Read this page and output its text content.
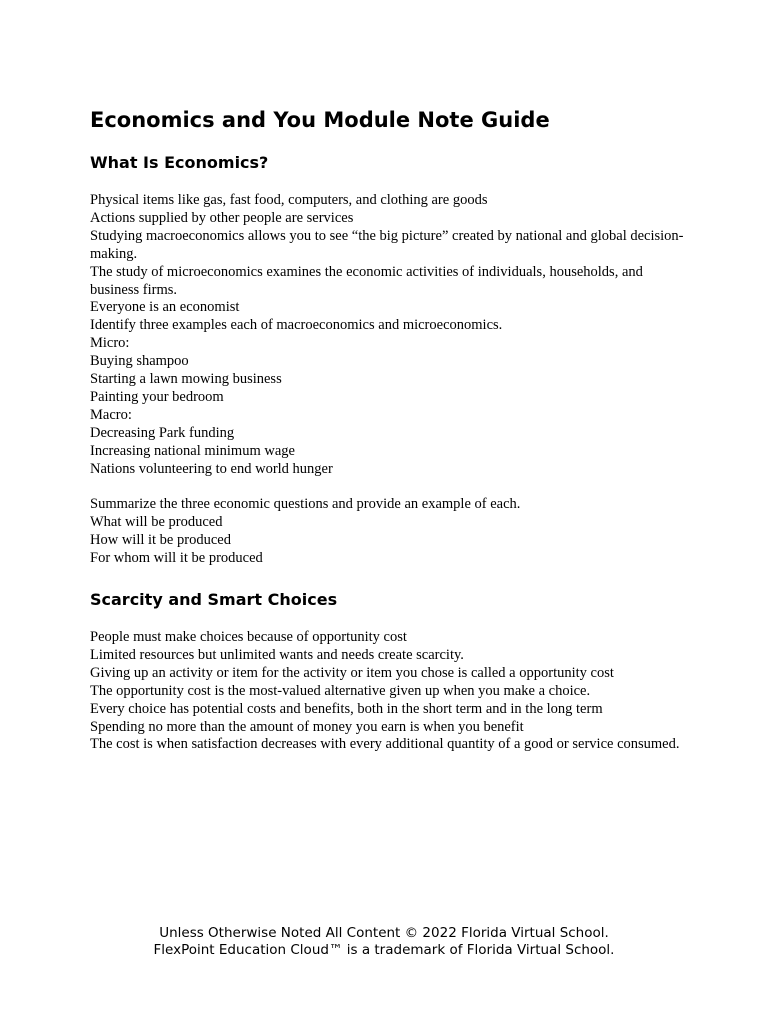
Economics and You Module Note Guide
What Is Economics?
Physical items like gas, fast food, computers, and clothing are goods
Actions supplied by other people are services
Studying macroeconomics allows you to see “the big picture” created by national and global decision-making.
The study of microeconomics examines the economic activities of individuals, households, and business firms.
Everyone is an economist
Identify three examples each of macroeconomics and microeconomics.
Micro:
Buying shampoo
Starting a lawn mowing business
Painting your bedroom
Macro:
Decreasing Park funding
Increasing national minimum wage
Nations volunteering to end world hunger
Summarize the three economic questions and provide an example of each.
What will be produced
How will it be produced
For whom will it be produced
Scarcity and Smart Choices
People must make choices because of opportunity cost
Limited resources but unlimited wants and needs create scarcity.
Giving up an activity or item for the activity or item you chose is called a opportunity cost
The opportunity cost is the most-valued alternative given up when you make a choice.
Every choice has potential costs and benefits, both in the short term and in the long term
Spending no more than the amount of money you earn is when you benefit
The cost is when satisfaction decreases with every additional quantity of a good or service consumed.
Unless Otherwise Noted All Content © 2022 Florida Virtual School.
FlexPoint Education Cloud™ is a trademark of Florida Virtual School.
